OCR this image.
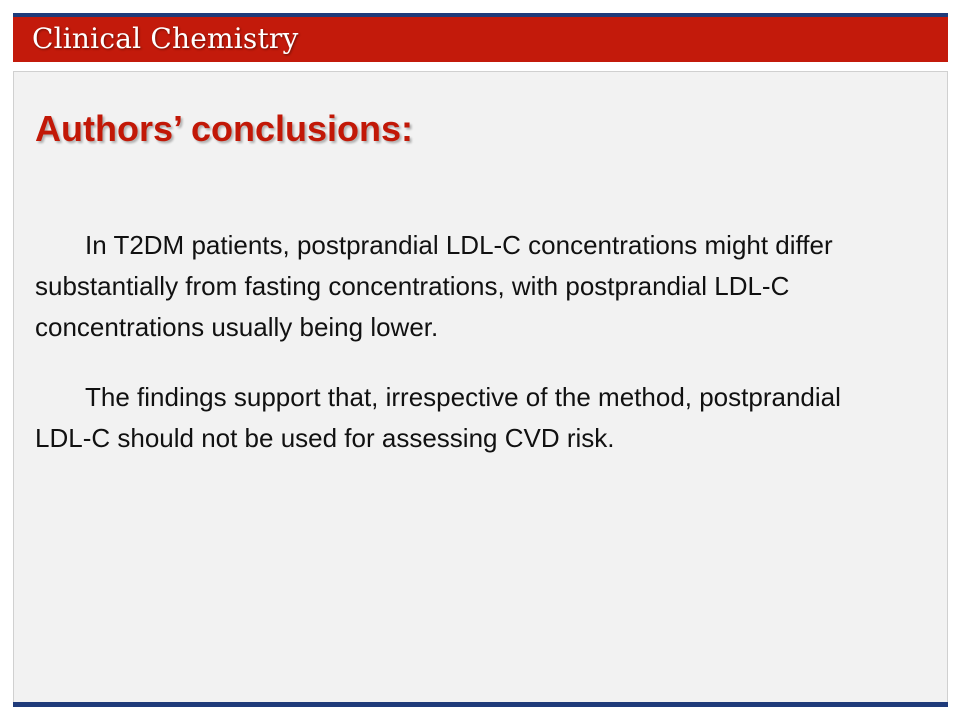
Clinical Chemistry
Authors’ conclusions:

In T2DM patients, postprandial LDL-C concentrations might differ substantially from fasting concentrations, with postprandial LDL-C concentrations usually being lower.

The findings support that, irrespective of the method, postprandial LDL-C should not be used for assessing CVD risk.
